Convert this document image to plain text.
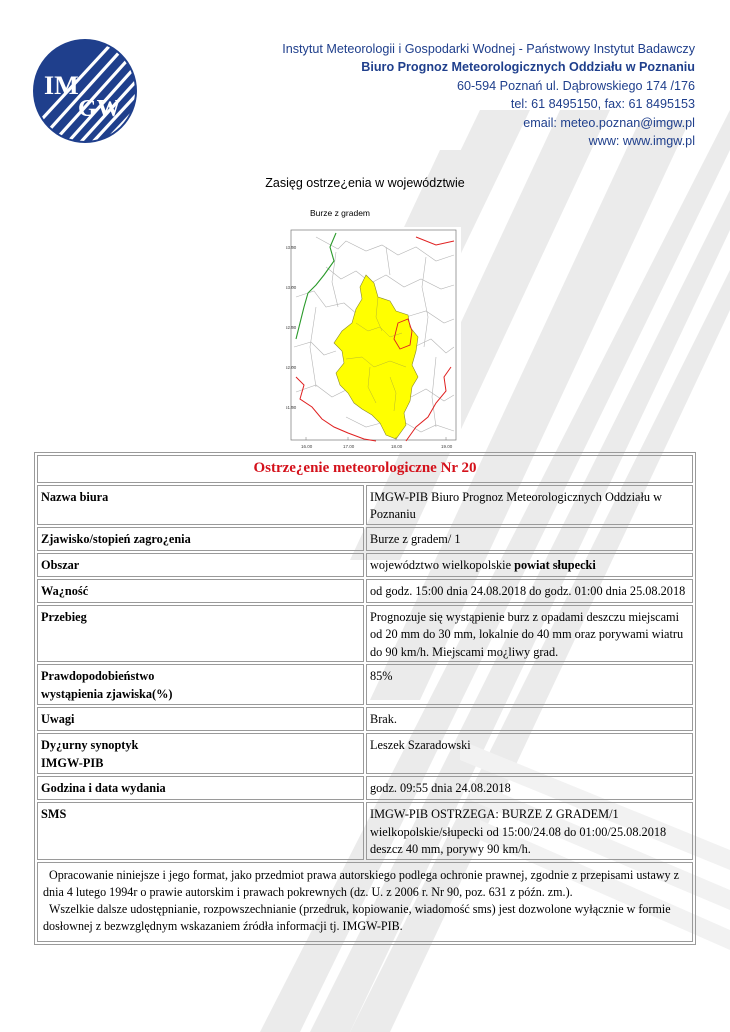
IM
GW
Instytut Meteorologii i Gospodarki Wodnej - Państwowy Instytut Badawczy
Biuro Prognoz Meteorologicznych Oddziału w Poznaniu
60-594 Poznań ul. Dąbrowskiego 174 /176
tel: 61 8495150, fax: 61 8495153
email: meteo.poznan@imgw.pl
www: www.imgw.pl
Zasięg ostrze¿enia w województwie
Burze z gradem
53.50
53.00
52.50
52.00
51.50
16.00	17.00	18.00	19.00
Ostrze¿enie meteorologiczne Nr 20	
Nazwa biura	IMGW-PIB Biuro Prognoz Meteorologicznych Oddziału w Poznaniu
Zjawisko/stopień zagro¿enia	Burze z gradem/ 1
Obszar	województwo wielkopolskie powiat słupecki
Wa¿ność	od godz. 15:00 dnia 24.08.2018 do godz. 01:00 dnia 25.08.2018
Przebieg	Prognozuje się wystąpienie burz z opadami deszczu miejscami od 20 mm do 30 mm, lokalnie do 40 mm oraz porywami wiatru do 90 km/h. Miejscami mo¿liwy grad.
Prawdopodobieństwo
wystąpienia zjawiska(%)	85%
Uwagi	Brak.
Dy¿urny synoptyk
IMGW-PIB	Leszek Szaradowski
Godzina i data wydania	godz. 09:55 dnia 24.08.2018
SMS	IMGW-PIB OSTRZEGA: BURZE Z GRADEM/1 wielkopolskie/słupecki od 15:00/24.08 do 01:00/25.08.2018 deszcz 40 mm, porywy 90 km/h.

Opracowanie niniejsze i jego format, jako przedmiot prawa autorskiego podlega ochronie prawnej, zgodnie z przepisami ustawy z dnia 4 lutego 1994r o prawie autorskim i prawach pokrewnych (dz. U. z 2006 r. Nr 90, poz. 631 z późn. zm.).
Wszelkie dalsze udostępnianie, rozpowszechnianie (przedruk, kopiowanie, wiadomość sms) jest dozwolone wyłącznie w formie dosłownej z bezwzględnym wskazaniem źródła informacji tj. IMGW-PIB.	
